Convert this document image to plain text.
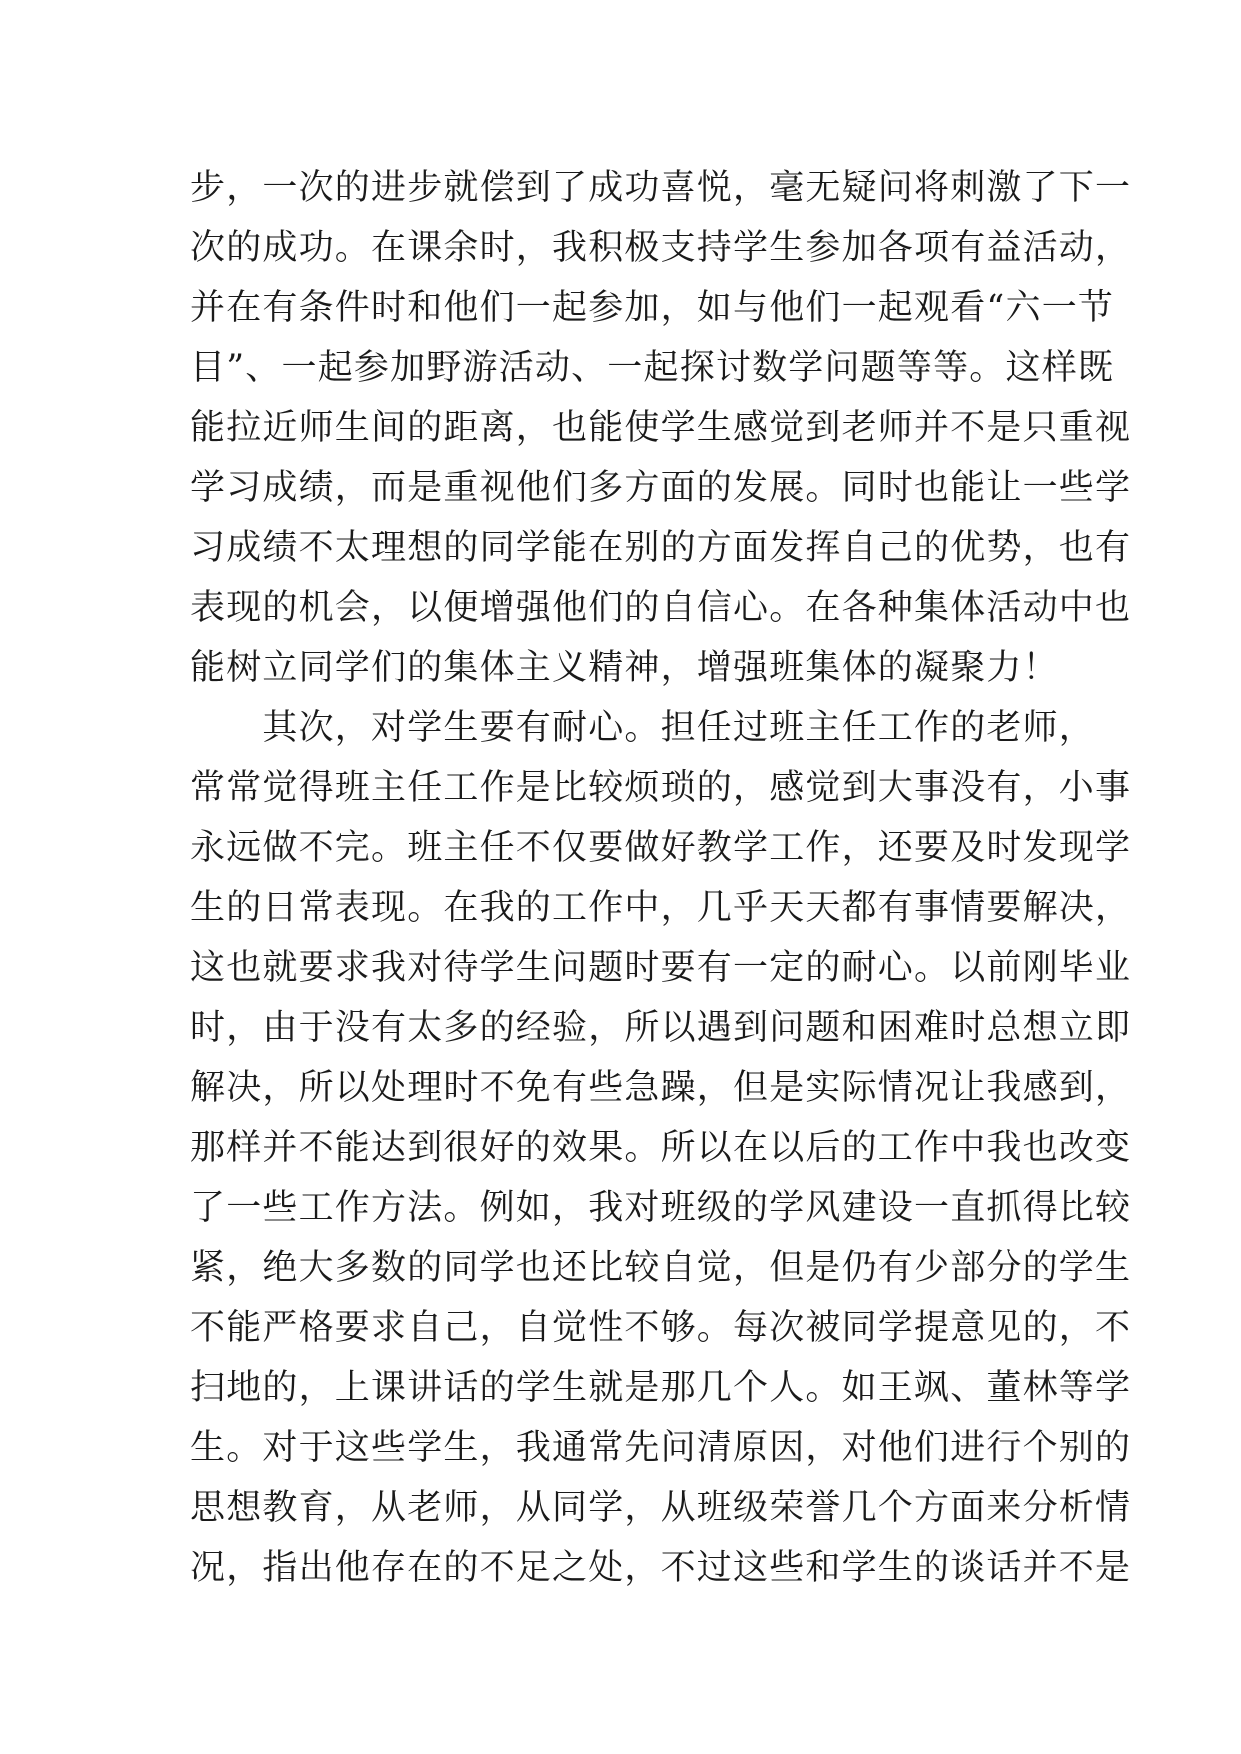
步，一次的进步就偿到了成功喜悦，毫无疑问将刺激了下一
次的成功。在课余时，我积极支持学生参加各项有益活动，
并在有条件时和他们一起参加，如与他们一起观看“六一节
目”、一起参加野游活动、一起探讨数学问题等等。这样既
能拉近师生间的距离，也能使学生感觉到老师并不是只重视
学习成绩，而是重视他们多方面的发展。同时也能让一些学
习成绩不太理想的同学能在别的方面发挥自己的优势，也有
表现的机会，以便增强他们的自信心。在各种集体活动中也
能树立同学们的集体主义精神，增强班集体的凝聚力！
　　其次，对学生要有耐心。担任过班主任工作的老师，
常常觉得班主任工作是比较烦琐的，感觉到大事没有，小事
永远做不完。班主任不仅要做好教学工作，还要及时发现学
生的日常表现。在我的工作中，几乎天天都有事情要解决，
这也就要求我对待学生问题时要有一定的耐心。以前刚毕业
时，由于没有太多的经验，所以遇到问题和困难时总想立即
解决，所以处理时不免有些急躁，但是实际情况让我感到，
那样并不能达到很好的效果。所以在以后的工作中我也改变
了一些工作方法。例如，我对班级的学风建设一直抓得比较
紧，绝大多数的同学也还比较自觉，但是仍有少部分的学生
不能严格要求自己，自觉性不够。每次被同学提意见的，不
扫地的，上课讲话的学生就是那几个人。如王飒、董林等学
生。对于这些学生，我通常先问清原因，对他们进行个别的
思想教育，从老师，从同学，从班级荣誉几个方面来分析情
况，指出他存在的不足之处，不过这些和学生的谈话并不是
